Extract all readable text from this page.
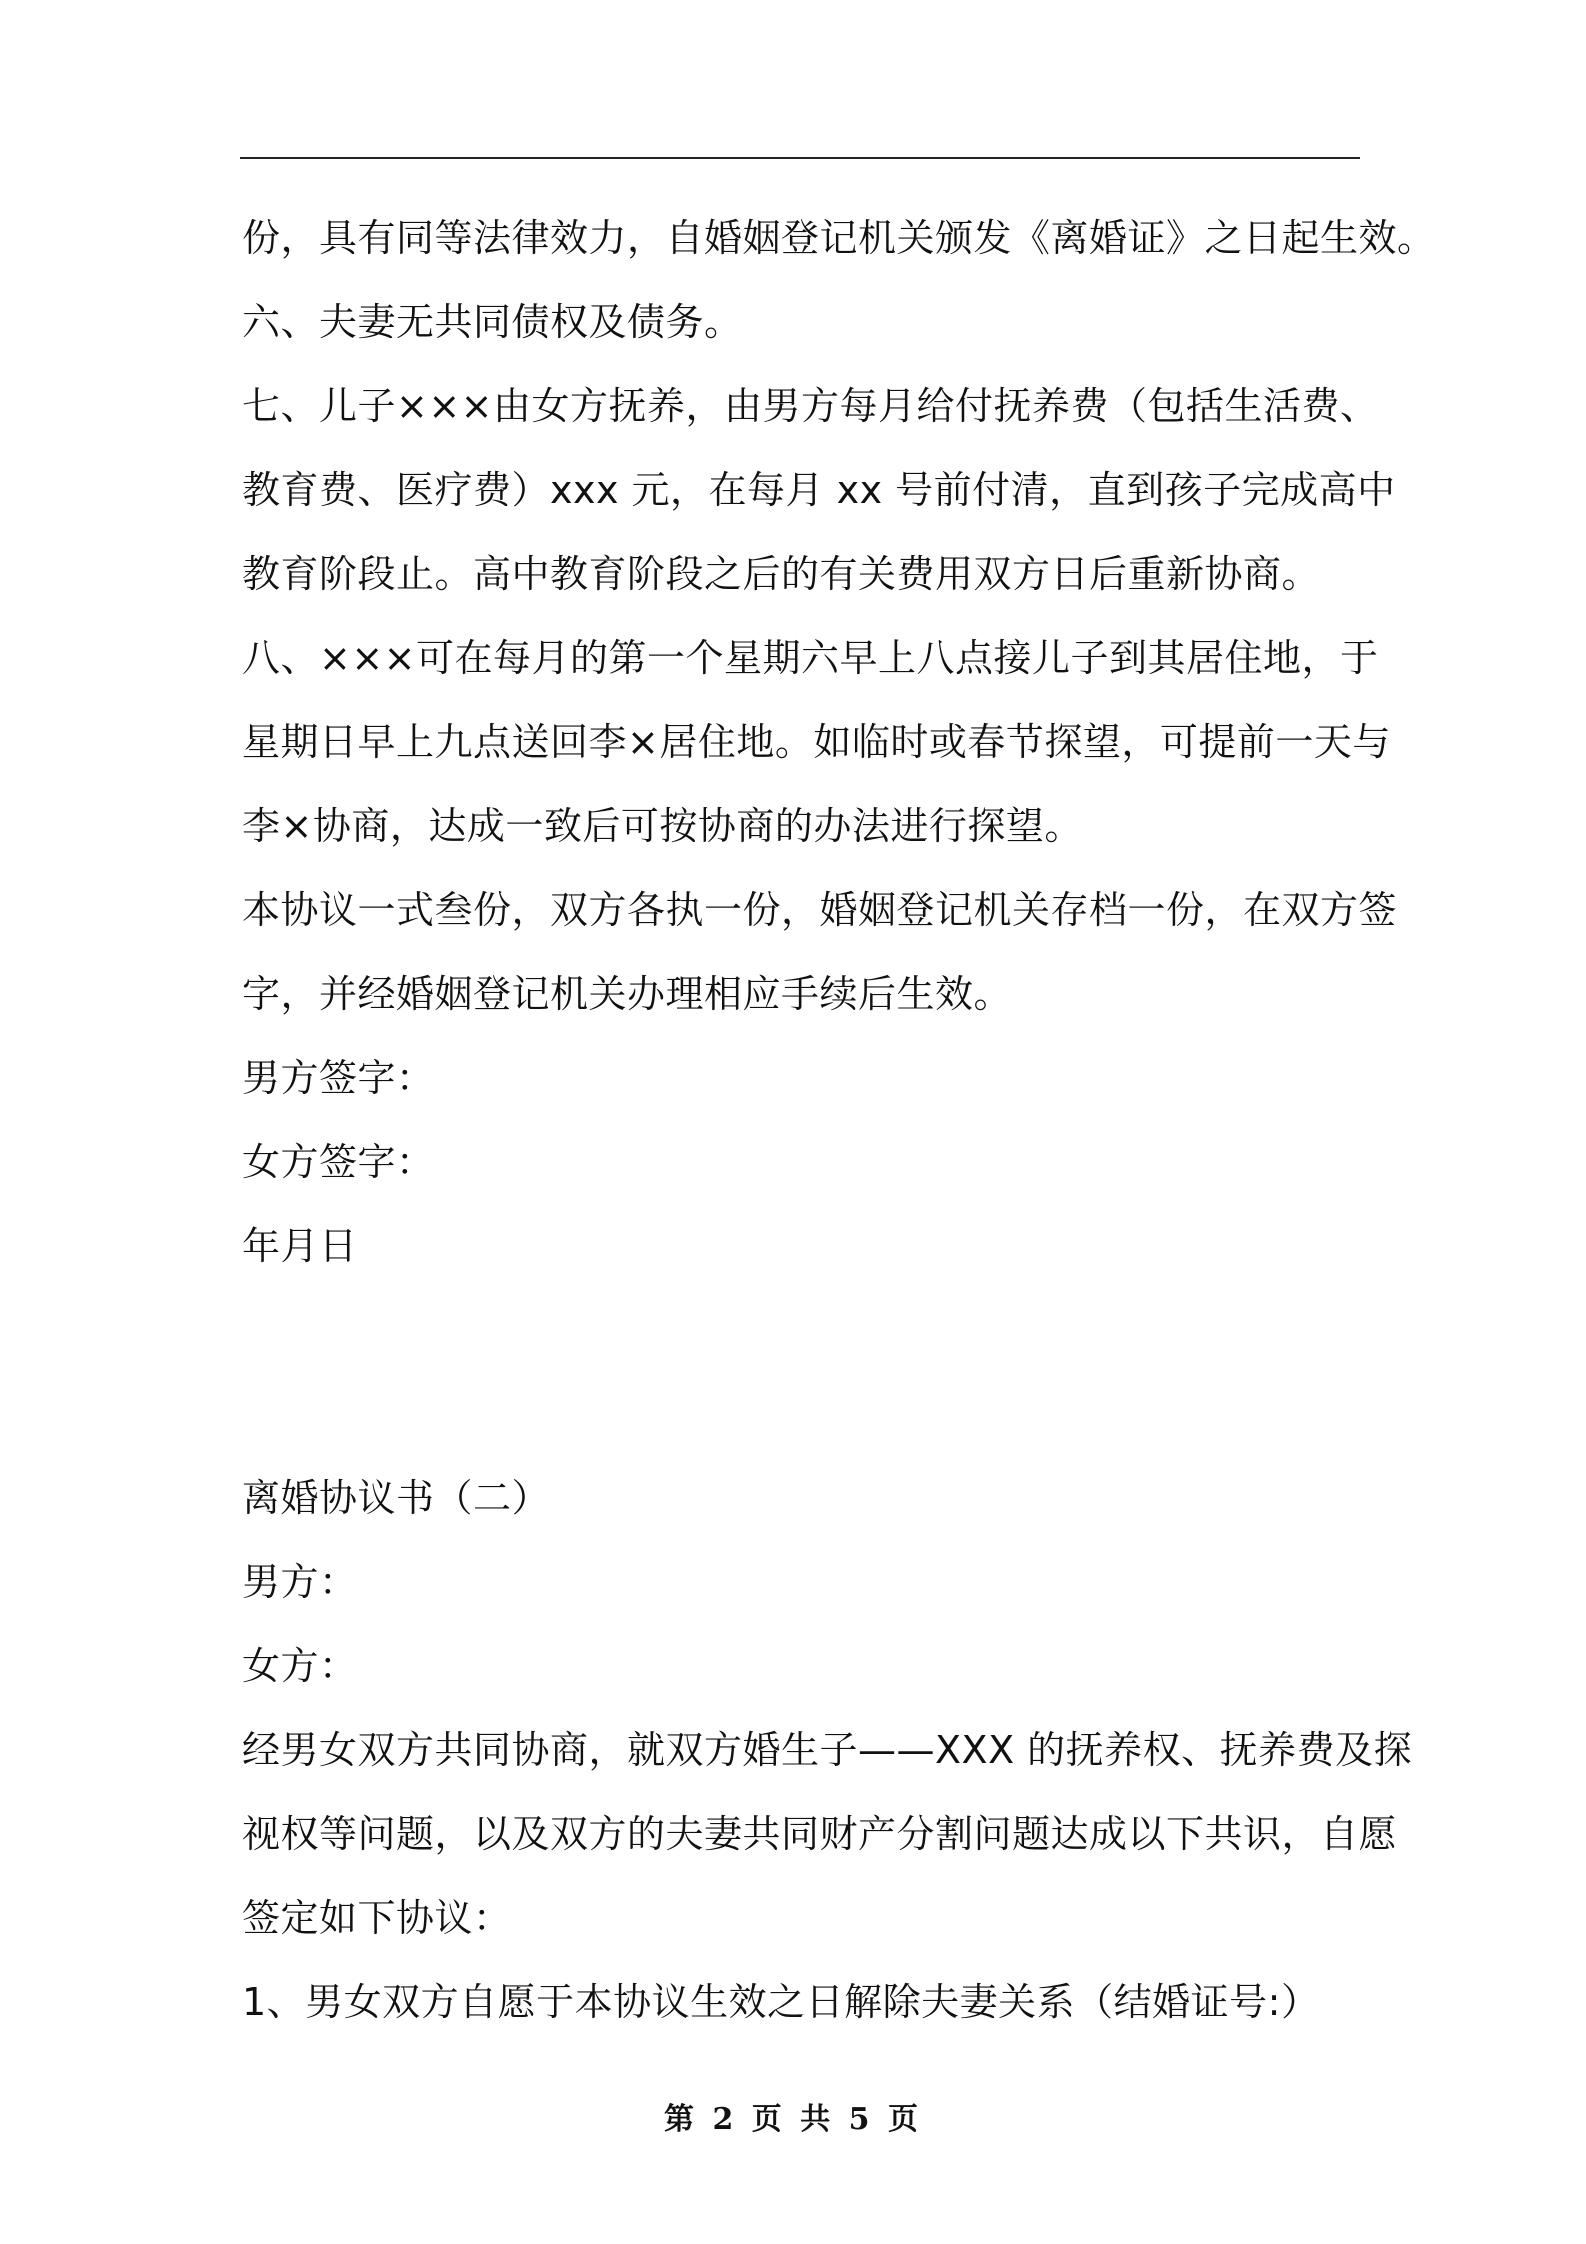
份，具有同等法律效力，自婚姻登记机关颁发《离婚证》之日起生效。
六、夫妻无共同债权及债务。
七、儿子×××由女方抚养，由男方每月给付抚养费（包括生活费、
教育费、医疗费）xxx 元，在每月 xx 号前付清，直到孩子完成高中
教育阶段止。高中教育阶段之后的有关费用双方日后重新协商。
八、×××可在每月的第一个星期六早上八点接儿子到其居住地，于
星期日早上九点送回李×居住地。如临时或春节探望，可提前一天与
李×协商，达成一致后可按协商的办法进行探望。
本协议一式叁份，双方各执一份，婚姻登记机关存档一份，在双方签
字，并经婚姻登记机关办理相应手续后生效。
男方签字：
女方签字：
年月日
离婚协议书（二）
男方：
女方：
经男女双方共同协商，就双方婚生子——XXX 的抚养权、抚养费及探
视权等问题，以及双方的夫妻共同财产分割问题达成以下共识，自愿
签定如下协议：
1、男女双方自愿于本协议生效之日解除夫妻关系（结婚证号:）
第 2 页 共 5 页
